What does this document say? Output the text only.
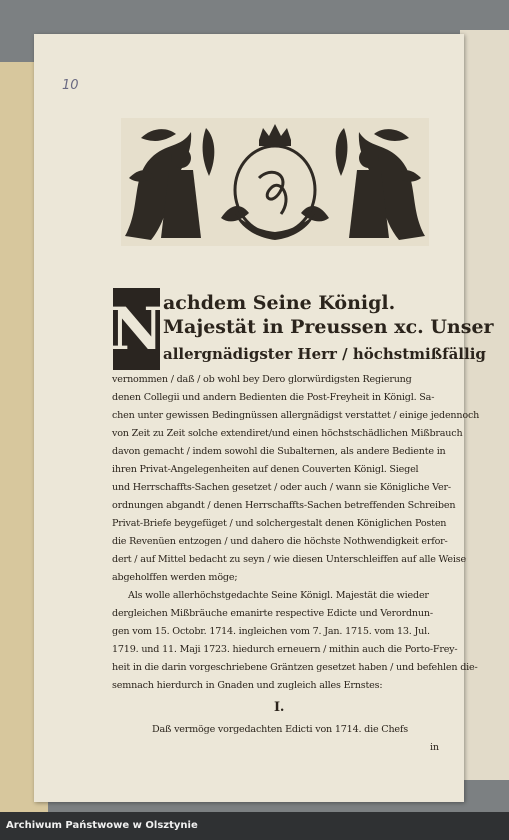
10
N achdem Seine Königl.
Majestät in Preussen xc. Unser
allergnädigster Herr / höchstmißfällig
vernommen / daß / ob wohl bey Dero glorwürdigsten Regierung
denen Collegii und andern Bedienten die Post-Freyheit in Königl. Sa-
chen unter gewissen Bedingnüssen allergnädigst verstattet / einige jedennoch
von Zeit zu Zeit solche extendiret/und einen höchstschädlichen Mißbrauch
davon gemacht / indem sowohl die Subalternen, als andere Bediente in
ihren Privat-Angelegenheiten auf denen Couverten Königl. Siegel
und Herrschaffts-Sachen gesetzet / oder auch / wann sie Königliche Ver-
ordnungen abgandt / denen Herrschaffts-Sachen betreffenden Schreiben
Privat-Briefe beygefüget / und solchergestalt denen Königlichen Posten
die Revenüen entzogen / und dahero die höchste Nothwendigkeit erfor-
dert / auf Mittel bedacht zu seyn / wie diesen Unterschleiffen auf alle Weise
abgeholffen werden möge;
Als wolle allerhöchstgedachte Seine Königl. Majestät die wieder
dergleichen Mißbräuche emanirte respective Edicte und Verordnun-
gen vom 15. Octobr. 1714. ingleichen vom 7. Jan. 1715. vom 13. Jul.
1719. und 11. Maji 1723. hiedurch erneuern / mithin auch die Porto-Frey-
heit in die darin vorgeschriebene Gräntzen gesetzet haben / und befehlen die-
semnach hierdurch in Gnaden und zugleich alles Ernstes:
I.
Daß vermöge vorgedachten Edicti von 1714. die Chefs
in
Archiwum Państwowe w Olsztynie
